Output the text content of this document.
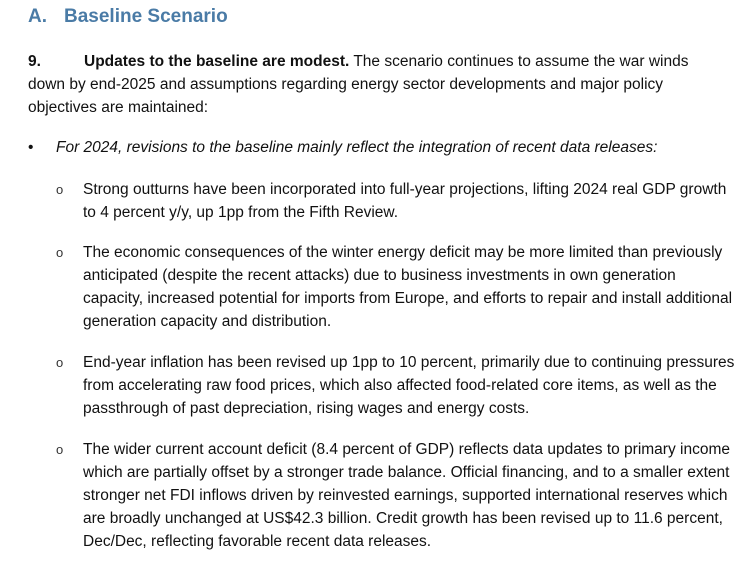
A. Baseline Scenario

9.	Updates to the baseline are modest. The scenario continues to assume the war winds down by end-2025 and assumptions regarding energy sector developments and major policy objectives are maintained:

•	For 2024, revisions to the baseline mainly reflect the integration of recent data releases:
o Strong outturns have been incorporated into full-year projections, lifting 2024 real GDP growth to 4 percent y/y, up 1pp from the Fifth Review.
o The economic consequences of the winter energy deficit may be more limited than previously anticipated (despite the recent attacks) due to business investments in own generation capacity, increased potential for imports from Europe, and efforts to repair and install additional generation capacity and distribution.
o End-year inflation has been revised up 1pp to 10 percent, primarily due to continuing pressures from accelerating raw food prices, which also affected food-related core items, as well as the passthrough of past depreciation, rising wages and energy costs.
o The wider current account deficit (8.4 percent of GDP) reflects data updates to primary income which are partially offset by a stronger trade balance. Official financing, and to a smaller extent stronger net FDI inflows driven by reinvested earnings, supported international reserves which are broadly unchanged at US$42.3 billion. Credit growth has been revised up to 11.6 percent, Dec/Dec, reflecting favorable recent data releases.
